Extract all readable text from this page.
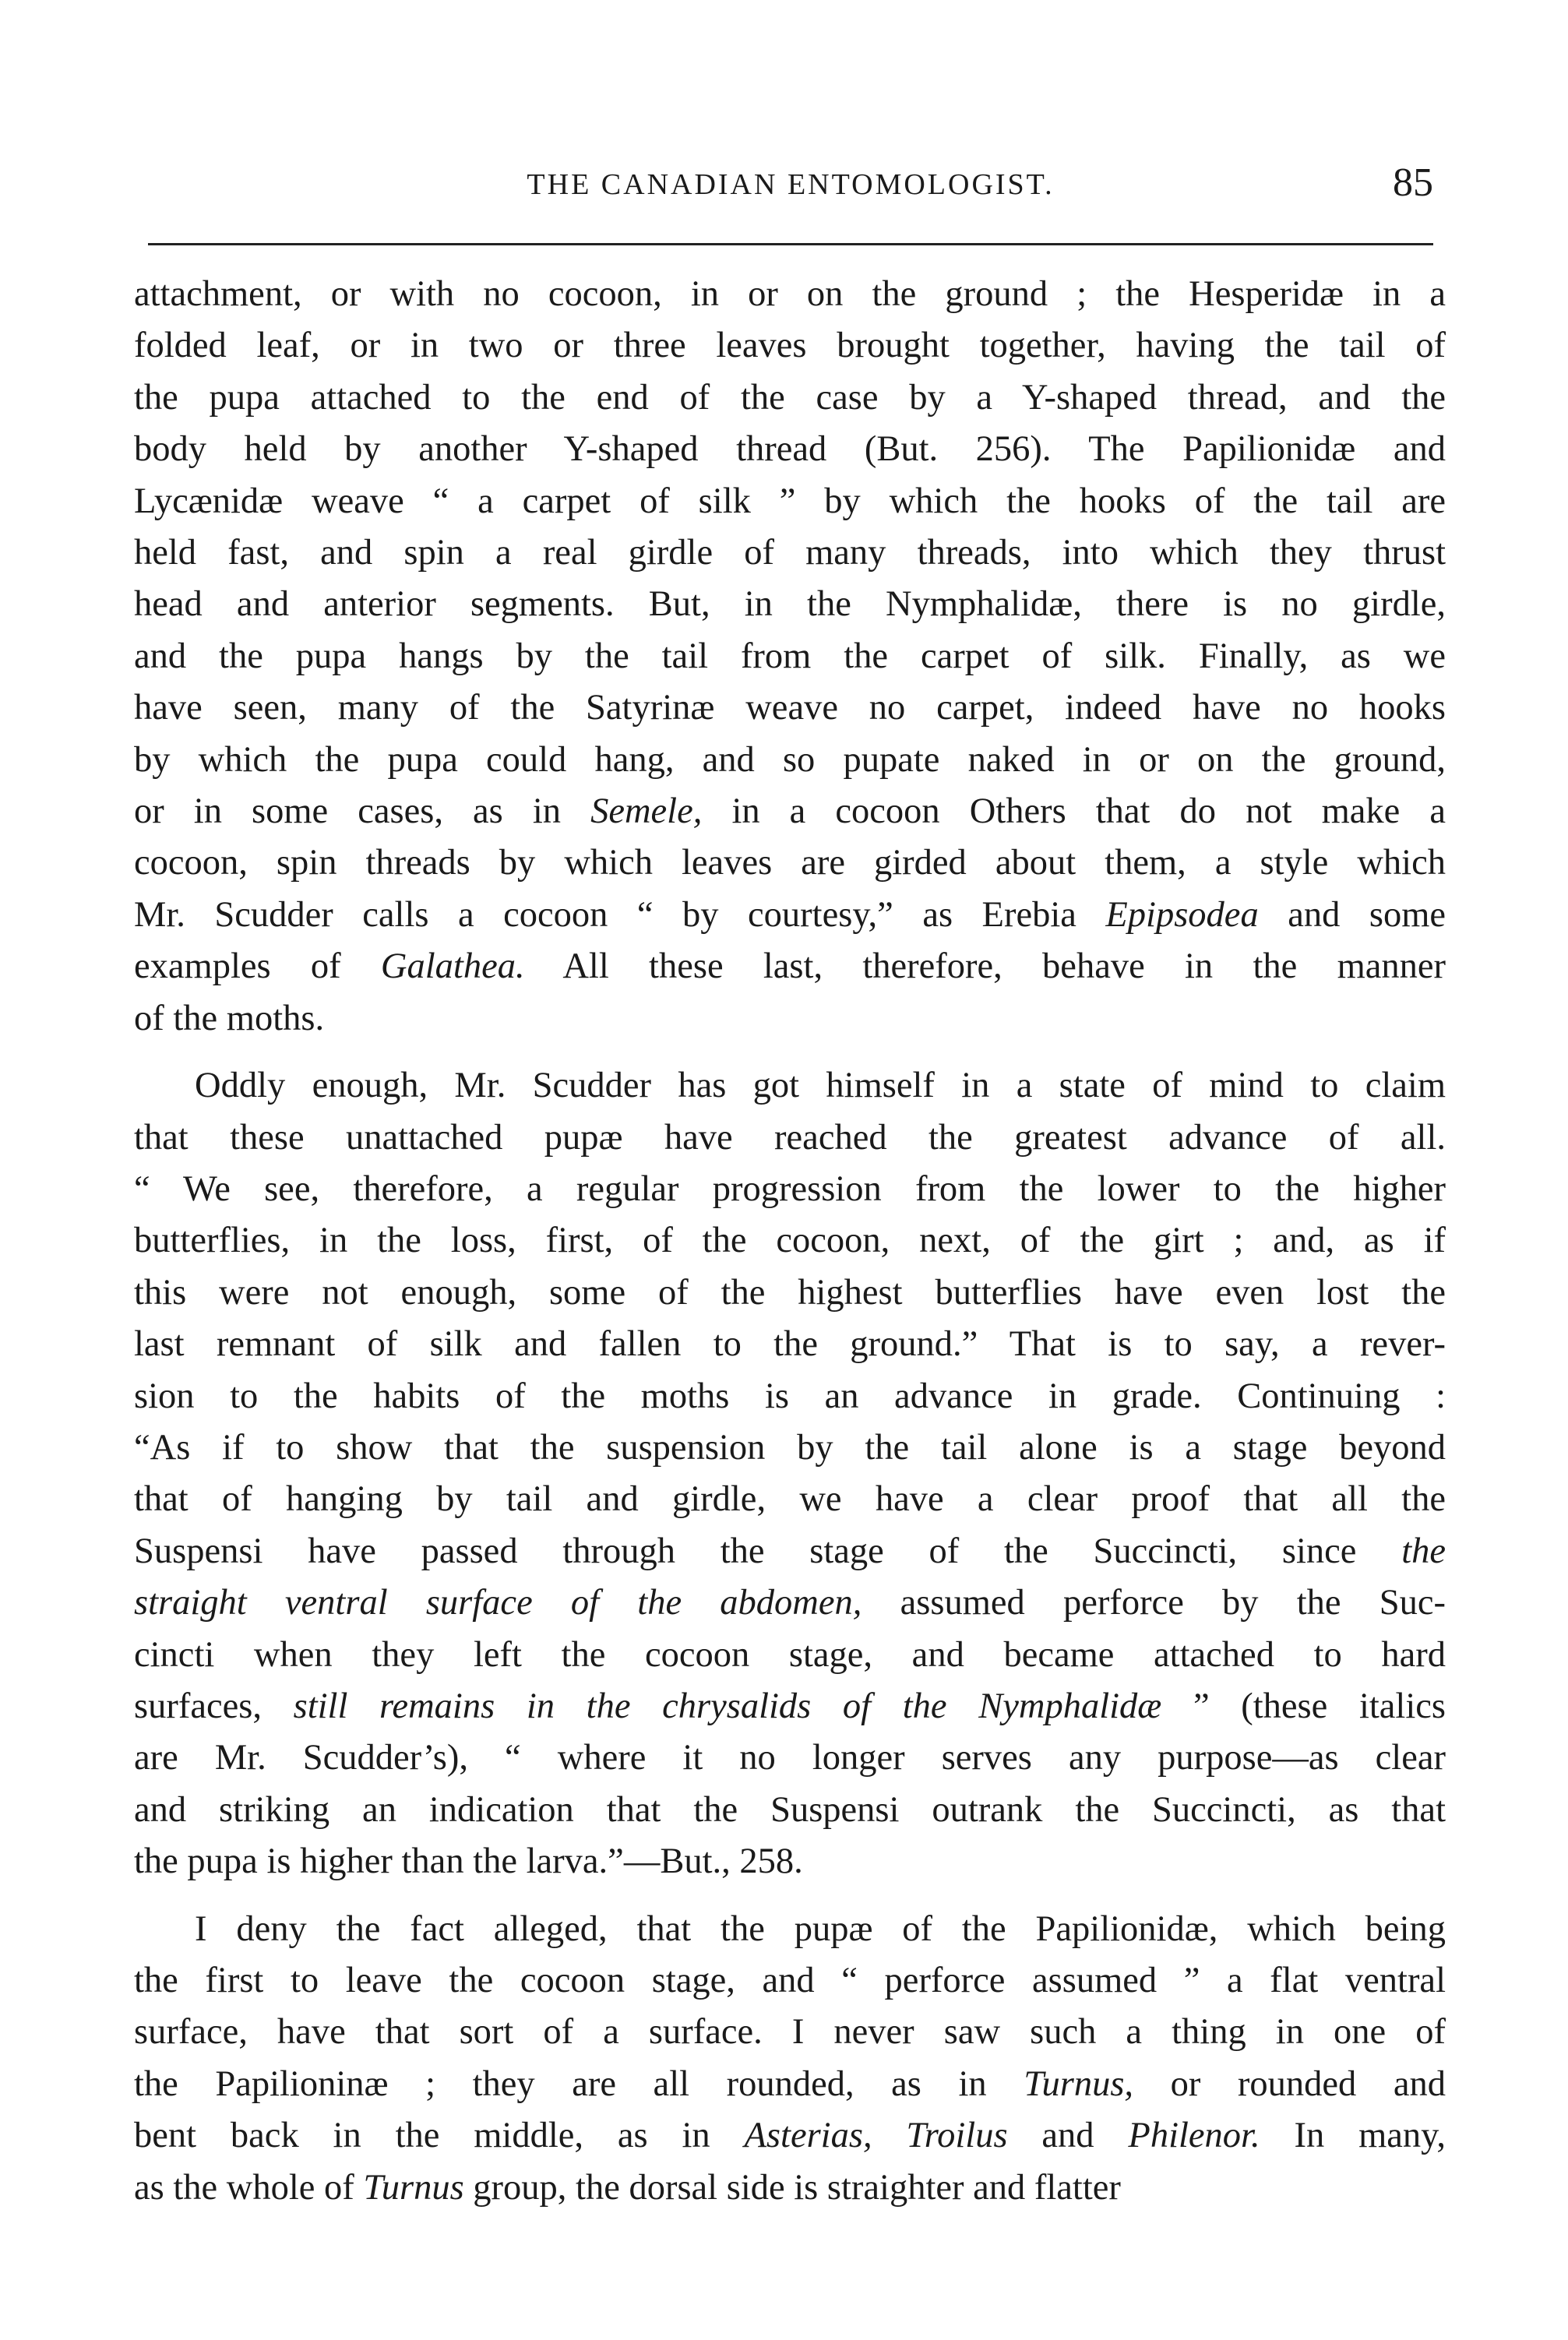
THE CANADIAN ENTOMOLOGIST.	85

attachment, or with no cocoon, in or on the ground ; the Hesperidæ in a
folded leaf, or in two or three leaves brought together, having the tail of
the pupa attached to the end of the case by a Y-shaped thread, and the
body held by another Y-shaped thread (But. 256). The Papilionidæ and
Lycænidæ weave “ a carpet of silk ” by which the hooks of the tail are
held fast, and spin a real girdle of many threads, into which they thrust
head and anterior segments. But, in the Nymphalidæ, there is no girdle,
and the pupa hangs by the tail from the carpet of silk. Finally, as we
have seen, many of the Satyrinæ weave no carpet, indeed have no hooks
by which the pupa could hang, and so pupate naked in or on the ground,
or in some cases, as in Semele, in a cocoon Others that do not make a
cocoon, spin threads by which leaves are girded about them, a style which
Mr. Scudder calls a cocoon “ by courtesy,” as Erebia Epipsodea and some
examples of Galathea. All these last, therefore, behave in the manner
of the moths.

Oddly enough, Mr. Scudder has got himself in a state of mind to claim
that these unattached pupæ have reached the greatest advance of all.
“ We see, therefore, a regular progression from the lower to the higher
butterflies, in the loss, first, of the cocoon, next, of the girt ; and, as if
this were not enough, some of the highest butterflies have even lost the
last remnant of silk and fallen to the ground.” That is to say, a rever-
sion to the habits of the moths is an advance in grade. Continuing :
“As if to show that the suspension by the tail alone is a stage beyond
that of hanging by tail and girdle, we have a clear proof that all the
Suspensi have passed through the stage of the Succincti, since the
straight ventral surface of the abdomen, assumed perforce by the Suc-
cincti when they left the cocoon stage, and became attached to hard
surfaces, still remains in the chrysalids of the Nymphalidæ ” (these italics
are Mr. Scudder’s), “ where it no longer serves any purpose—as clear
and striking an indication that the Suspensi outrank the Succincti, as that
the pupa is higher than the larva.”—But., 258.

I deny the fact alleged, that the pupæ of the Papilionidæ, which being
the first to leave the cocoon stage, and “ perforce assumed ” a flat ventral
surface, have that sort of a surface. I never saw such a thing in one of
the Papilioninæ ; they are all rounded, as in Turnus, or rounded and
bent back in the middle, as in Asterias, Troilus and Philenor. In many,
as the whole of Turnus group, the dorsal side is straighter and flatter
